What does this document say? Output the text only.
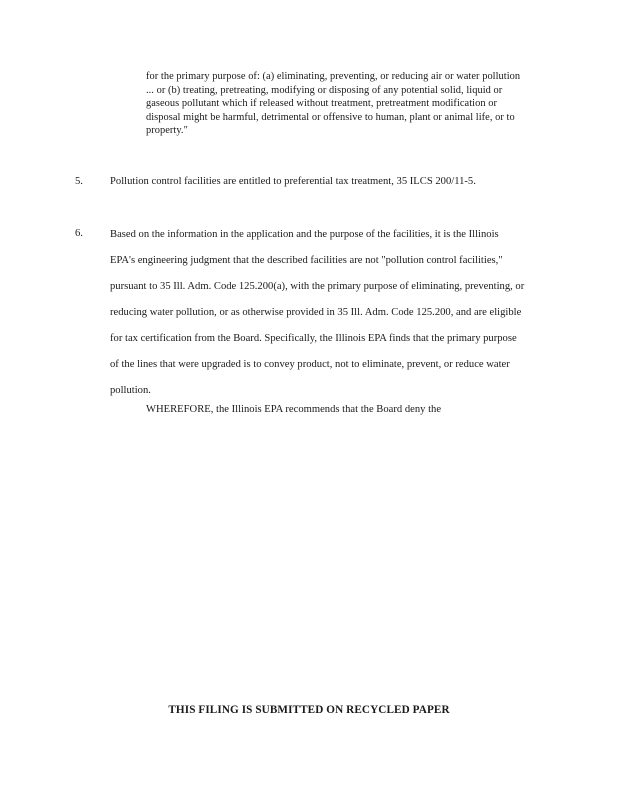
for the primary purpose of: (a) eliminating, preventing, or reducing air or water pollution
... or (b) treating, pretreating, modifying or disposing of any potential solid, liquid or
gaseous pollutant which if released without treatment, pretreatment modification or
disposal might be harmful, detrimental or offensive to human, plant or animal life, or to
property."
5.	Pollution control facilities are entitled to preferential tax treatment, 35 ILCS 200/11-5.
6.	Based on the information in the application and the purpose of the facilities, it is the Illinois
EPA's engineering judgment that the described facilities are not "pollution control facilities,"
pursuant to 35 Ill. Adm. Code 125.200(a), with the primary purpose of eliminating, preventing, or
reducing water pollution, or as otherwise provided in 35 Ill. Adm. Code 125.200, and are eligible
for tax certification from the Board. Specifically, the Illinois EPA finds that the primary purpose
of the lines that were upgraded is to convey product, not to eliminate, prevent, or reduce water
pollution.
WHEREFORE, the Illinois EPA recommends that the Board deny the
THIS FILING IS SUBMITTED ON RECYCLED PAPER
